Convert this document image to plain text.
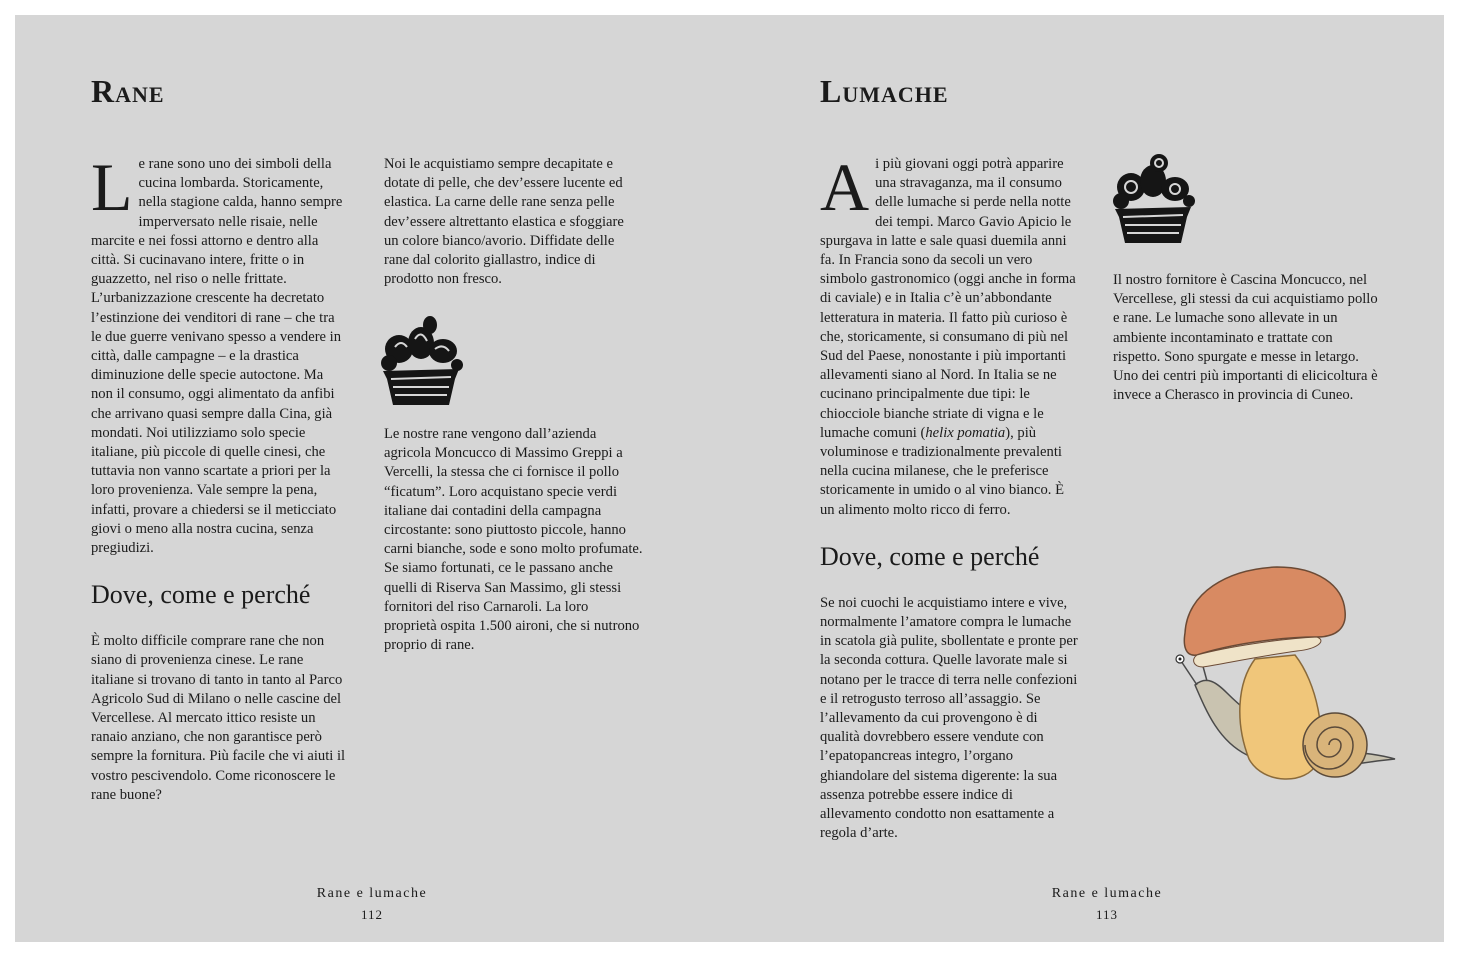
Rane

Le rane sono uno dei simboli della cucina lombarda. Storicamente, nella stagione calda, hanno sempre imperversato nelle risaie, nelle marcite e nei fossi attorno e dentro alla città. Si cucinavano intere, fritte o in guazzetto, nel riso o nelle frittate. L’urbanizzazione crescente ha decretato l’estinzione dei venditori di rane – che tra le due guerre venivano spesso a vendere in città, dalle campagne – e la drastica diminuzione delle specie autoctone. Ma non il consumo, oggi alimentato da anfibi che arrivano quasi sempre dalla Cina, già mondati. Noi utilizziamo solo specie italiane, più piccole di quelle cinesi, che tuttavia non vanno scartate a priori per la loro provenienza. Vale sempre la pena, infatti, provare a chiedersi se il meticciato giovi o meno alla nostra cucina, senza pregiudizi.

Dove, come e perché

È molto difficile comprare rane che non siano di provenienza cinese. Le rane italiane si trovano di tanto in tanto al Parco Agricolo Sud di Milano o nelle cascine del Vercellese. Al mercato ittico resiste un ranaio anziano, che non garantisce però sempre la fornitura. Più facile che vi aiuti il vostro pescivendolo. Come riconoscere le rane buone?

Noi le acquistiamo sempre decapitate e dotate di pelle, che dev’essere lucente ed elastica. La carne delle rane senza pelle dev’essere altrettanto elastica e sfoggiare un colore bianco/avorio. Diffidate delle rane dal colorito giallastro, indice di prodotto non fresco.

Le nostre rane vengono dall’azienda agricola Moncucco di Massimo Greppi a Vercelli, la stessa che ci fornisce il pollo “ficatum”. Loro acquistano specie verdi italiane dai contadini della campagna circostante: sono piuttosto piccole, hanno carni bianche, sode e sono molto profumate. Se siamo fortunati, ce le passano anche quelli di Riserva San Massimo, gli stessi fornitori del riso Carnaroli. La loro proprietà ospita 1.500 aironi, che si nutrono proprio di rane.

Rane e lumache
112
Lumache

Ai più giovani oggi potrà apparire una stravaganza, ma il consumo delle lumache si perde nella notte dei tempi. Marco Gavio Apicio le spurgava in latte e sale quasi duemila anni fa. In Francia sono da secoli un vero simbolo gastronomico (oggi anche in forma di caviale) e in Italia c’è un’abbondante letteratura in materia. Il fatto più curioso è che, storicamente, si consumano di più nel Sud del Paese, nonostante i più importanti allevamenti siano al Nord. In Italia se ne cucinano principalmente due tipi: le chiocciole bianche striate di vigna e le lumache comuni (helix pomatia), più voluminose e tradizionalmente prevalenti nella cucina milanese, che le preferisce storicamente in umido o al vino bianco. È un alimento molto ricco di ferro.

Dove, come e perché

Se noi cuochi le acquistiamo intere e vive, normalmente l’amatore compra le lumache in scatola già pulite, sbollentate e pronte per la seconda cottura. Quelle lavorate male si notano per le tracce di terra nelle confezioni e il retrogusto terroso all’assaggio. Se l’allevamento da cui provengono è di qualità dovrebbero essere vendute con l’epatopancreas integro, l’organo ghiandolare del sistema digerente: la sua assenza potrebbe essere indice di allevamento condotto non esattamente a regola d’arte.

Il nostro fornitore è Cascina Moncucco, nel Vercellese, gli stessi da cui acquistiamo pollo e rane. Le lumache sono allevate in un ambiente incontaminato e trattate con rispetto. Sono spurgate e messe in letargo. Uno dei centri più importanti di elicicoltura è invece a Cherasco in provincia di Cuneo.

Rane e lumache
113
